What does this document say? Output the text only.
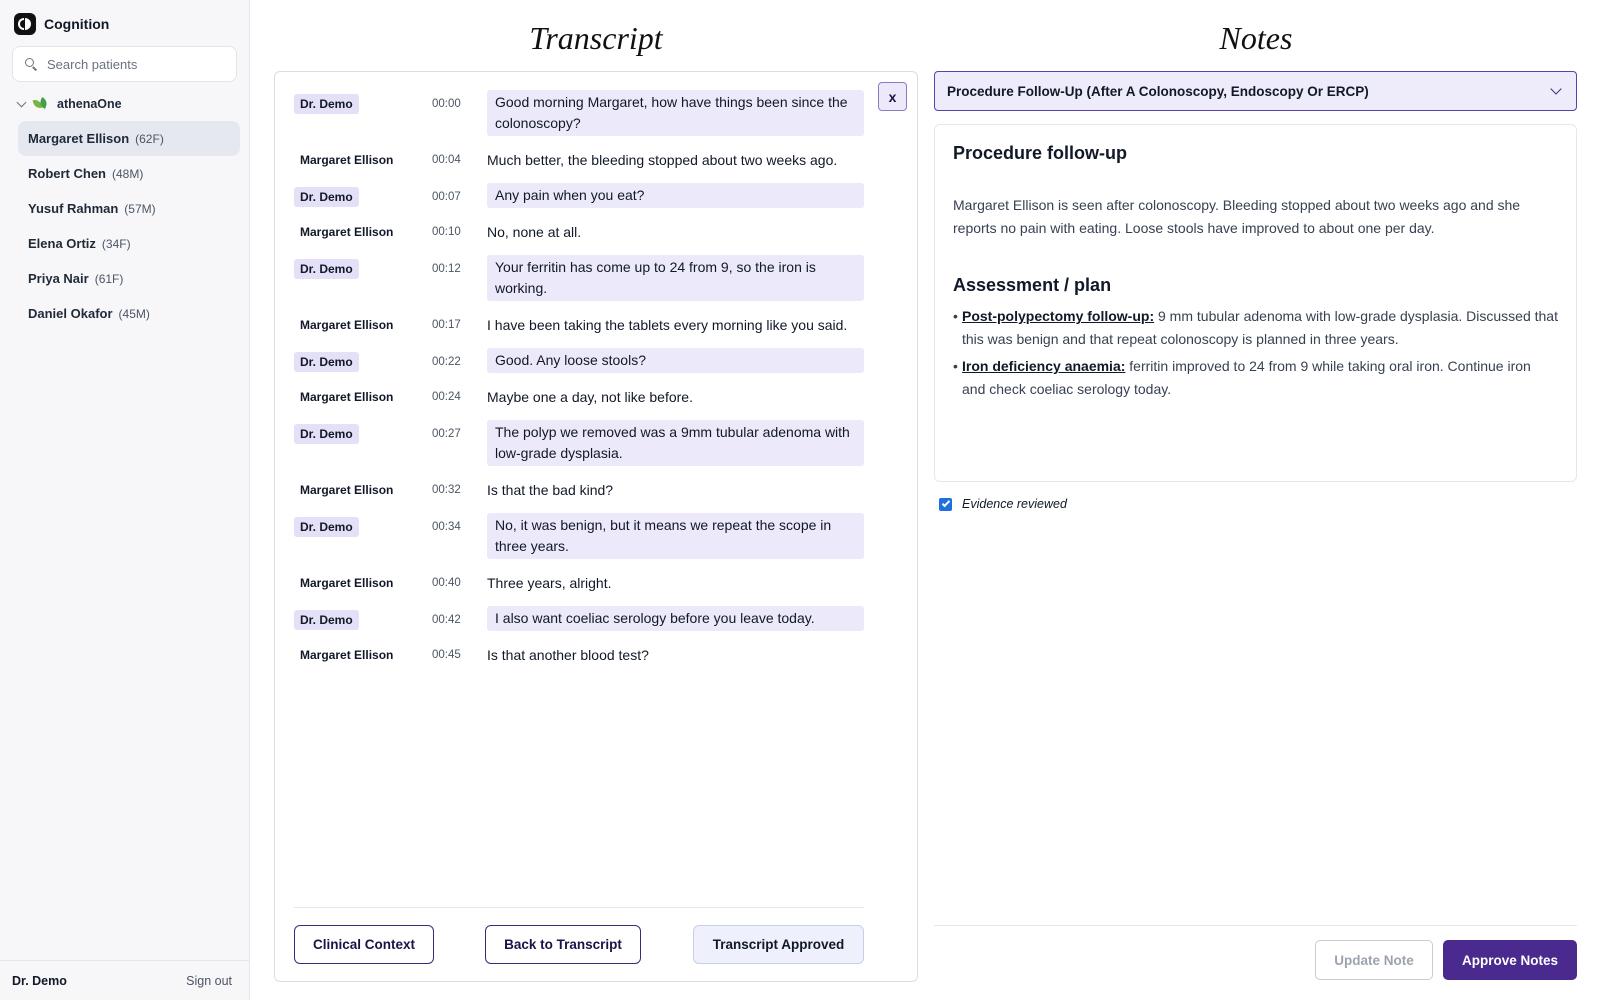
Cognition
Search patients
athenaOne
Margaret Ellison (62F)
Robert Chen (48M)
Yusuf Rahman (57M)
Elena Ortiz (34F)
Priya Nair (61F)
Daniel Okafor (45M)
Dr. Demo	Sign out
Transcript	Notes
x
Dr. Demo	00:00	Good morning Margaret, how have things been since the colonoscopy?
Margaret Ellison	00:04	Much better, the bleeding stopped about two weeks ago.
Dr. Demo	00:07	Any pain when you eat?
Margaret Ellison	00:10	No, none at all.
Dr. Demo	00:12	Your ferritin has come up to 24 from 9, so the iron is working.
Margaret Ellison	00:17	I have been taking the tablets every morning like you said.
Dr. Demo	00:22	Good. Any loose stools?
Margaret Ellison	00:24	Maybe one a day, not like before.
Dr. Demo	00:27	The polyp we removed was a 9mm tubular adenoma with low-grade dysplasia.
Margaret Ellison	00:32	Is that the bad kind?
Dr. Demo	00:34	No, it was benign, but it means we repeat the scope in three years.
Margaret Ellison	00:40	Three years, alright.
Dr. Demo	00:42	I also want coeliac serology before you leave today.
Margaret Ellison	00:45	Is that another blood test?
Clinical Context	Back to Transcript	Transcript Approved
Procedure Follow-Up (After A Colonoscopy, Endoscopy Or ERCP)
Procedure follow-up

Margaret Ellison is seen after colonoscopy. Bleeding stopped about two weeks ago and she reports no pain with eating. Loose stools have improved to about one per day.

Assessment / plan
• Post-polypectomy follow-up: 9 mm tubular adenoma with low-grade dysplasia. Discussed that this was benign and that repeat colonoscopy is planned in three years.
• Iron deficiency anaemia: ferritin improved to 24 from 9 while taking oral iron. Continue iron and check coeliac serology today.
Evidence reviewed
Update Note	Approve Notes
